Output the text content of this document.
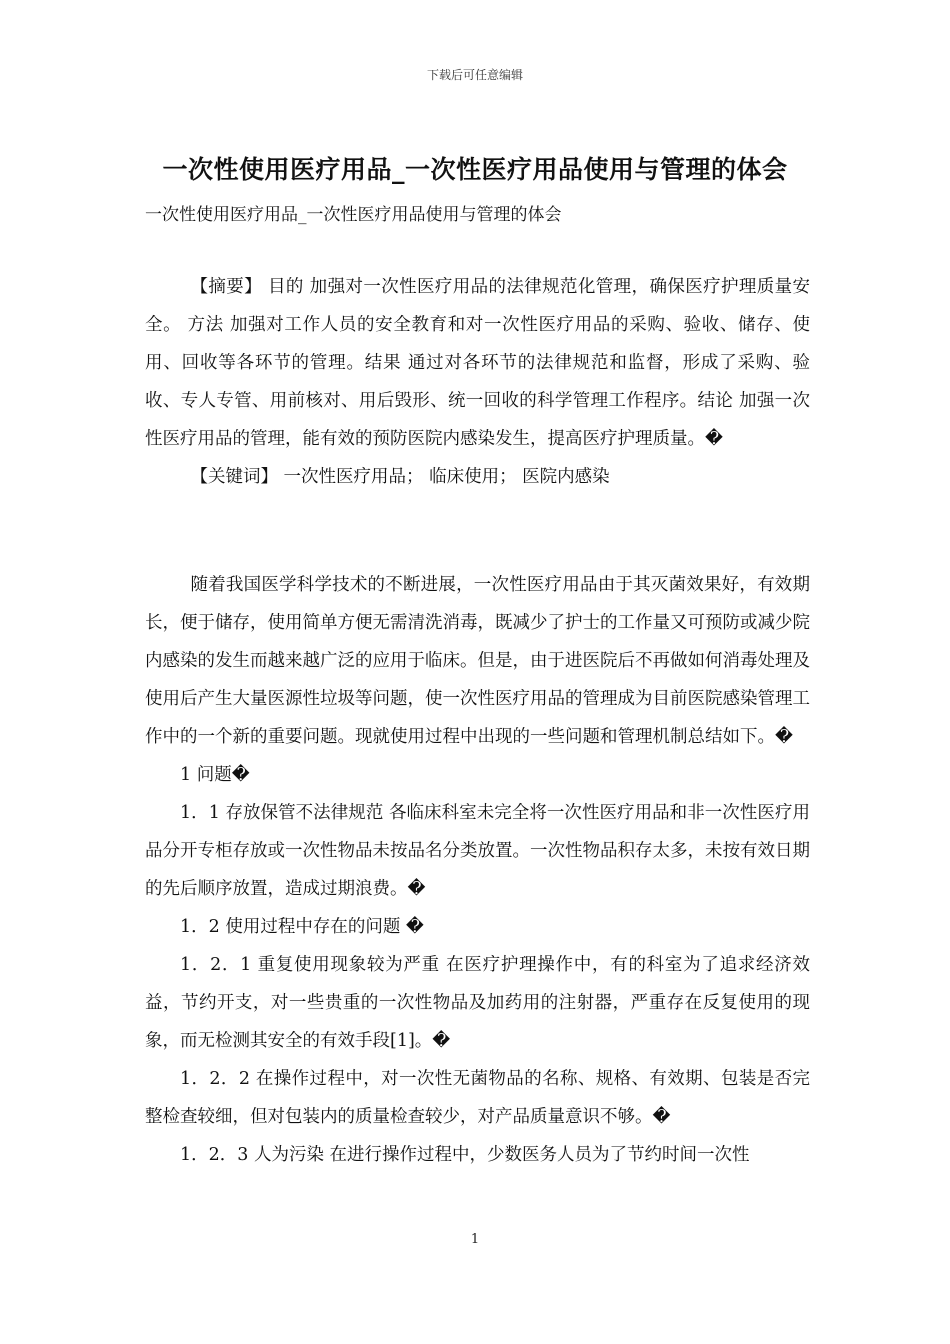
下载后可任意编辑
一次性使用医疗用品_一次性医疗用品使用与管理的体会
一次性使用医疗用品_一次性医疗用品使用与管理的体会

【摘要】 目的 加强对一次性医疗用品的法律规范化管理，确保医疗护理质量安全。 方法 加强对工作人员的安全教育和对一次性医疗用品的采购、验收、储存、使用、回收等各环节的管理。结果 通过对各环节的法律规范和监督，形成了采购、验收、专人专管、用前核对、用后毁形、统一回收的科学管理工作程序。结论 加强一次性医疗用品的管理，能有效的预防医院内感染发生，提高医疗护理质量。�

【关键词】 一次性医疗用品； 临床使用； 医院内感染

随着我国医学科学技术的不断进展，一次性医疗用品由于其灭菌效果好，有效期长，便于储存，使用简单方便无需清洗消毒，既减少了护士的工作量又可预防或减少院内感染的发生而越来越广泛的应用于临床。但是，由于进医院后不再做如何消毒处理及使用后产生大量医源性垃圾等问题，使一次性医疗用品的管理成为目前医院感染管理工作中的一个新的重要问题。现就使用过程中出现的一些问题和管理机制总结如下。�

1 问题�

1．1 存放保管不法律规范 各临床科室未完全将一次性医疗用品和非一次性医疗用品分开专柜存放或一次性物品未按品名分类放置。一次性物品积存太多，未按有效日期的先后顺序放置，造成过期浪费。�

1．2 使用过程中存在的问题 �

1．2．1 重复使用现象较为严重 在医疗护理操作中，有的科室为了追求经济效益，节约开支，对一些贵重的一次性物品及加药用的注射器，严重存在反复使用的现象，而无检测其安全的有效手段[1]。�

1．2．2 在操作过程中，对一次性无菌物品的名称、规格、有效期、包装是否完整检查较细，但对包装内的质量检查较少，对产品质量意识不够。�

1．2．3 人为污染 在进行操作过程中，少数医务人员为了节约时间一次性

1
